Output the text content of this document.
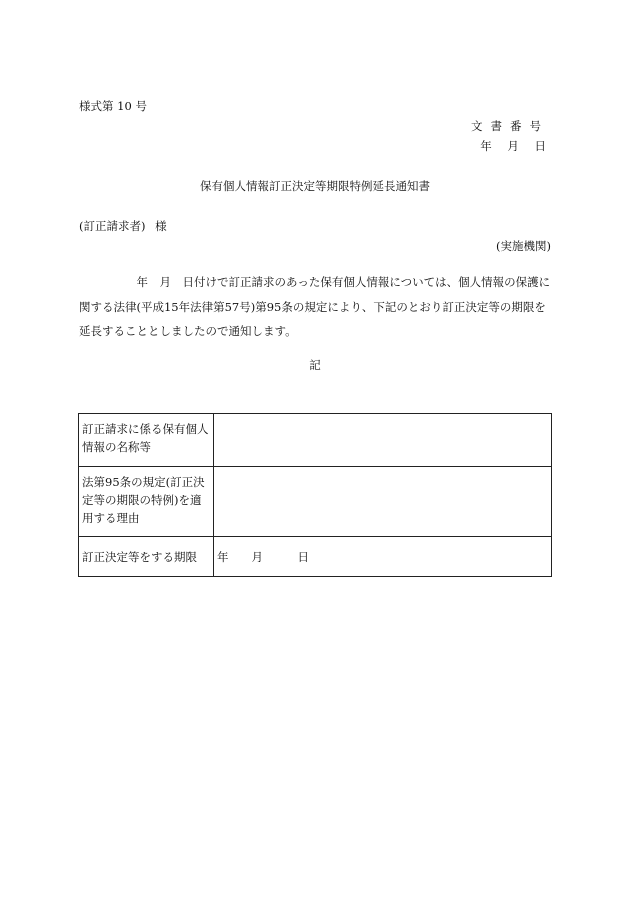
様式第 10 号
文書番号
年 月 日
保有個人情報訂正決定等期限特例延長通知書
(訂正請求者) 様
(実施機関)
　　　　　年　月　日付けで訂正請求のあった保有個人情報については、個人情報の保護に
関する法律(平成15年法律第57号)第95条の規定により、下記のとおり訂正決定等の期限を
延長することとしましたので通知します。
記
訂正請求に係る保有個人情報の名称等	
法第95条の規定(訂正決定等の期限の特例)を適用する理由	
訂正決定等をする期限	年　　月　　　日
